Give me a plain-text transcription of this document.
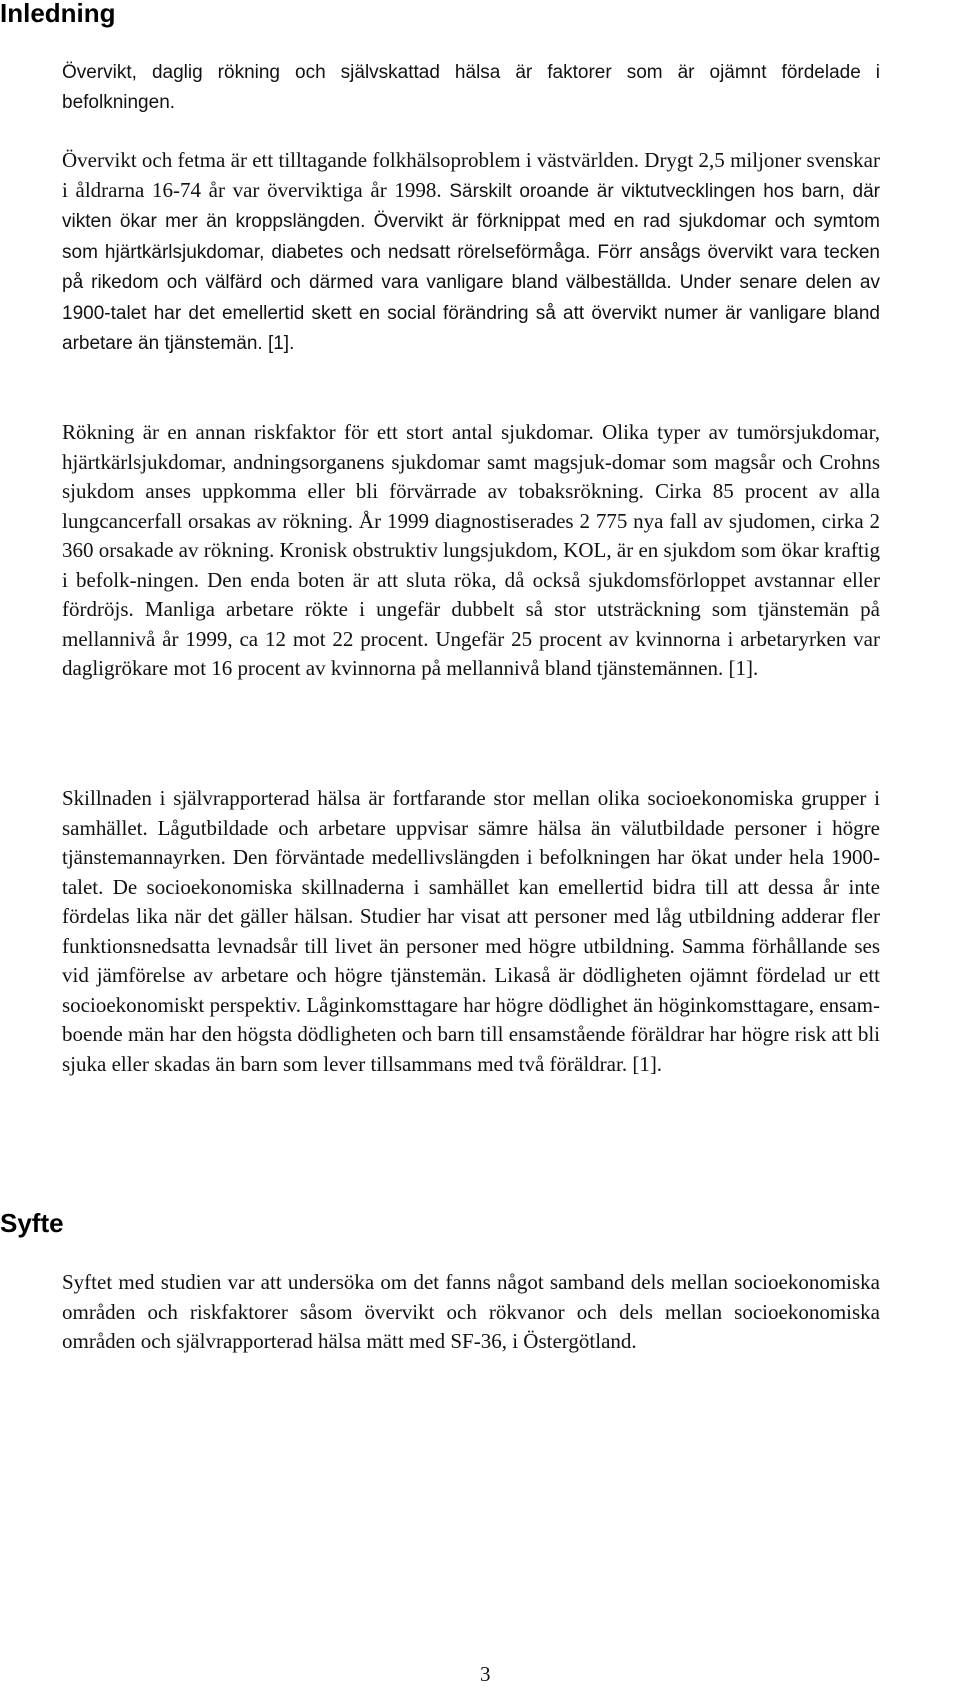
Inledning

Övervikt, daglig rökning och självskattad hälsa är faktorer som är ojämnt fördelade i befolkningen.

Övervikt och fetma är ett tilltagande folkhälsoproblem i västvärlden. Drygt 2,5 miljoner svenskar i åldrarna 16-74 år var överviktiga år 1998. Särskilt oroande är viktutvecklingen hos barn, där vikten ökar mer än kroppslängden. Övervikt är förknippat med en rad sjukdomar och symtom som hjärtkärlsjukdomar, diabetes och nedsatt rörelseförmåga. Förr ansågs övervikt vara tecken på rikedom och välfärd och därmed vara vanligare bland välbeställda. Under senare delen av 1900-talet har det emellertid skett en social förändring så att övervikt numer är vanligare bland arbetare än tjänstemän. [1].

Rökning är en annan riskfaktor för ett stort antal sjukdomar. Olika typer av tumörsjukdomar, hjärtkärlsjukdomar, andningsorganens sjukdomar samt magsjuk-domar som magsår och Crohns sjukdom anses uppkomma eller bli förvärrade av tobaksrökning. Cirka 85 procent av alla lungcancerfall orsakas av rökning. År 1999 diagnostiserades 2 775 nya fall av sjudomen, cirka 2 360 orsakade av rökning. Kronisk obstruktiv lungsjukdom, KOL, är en sjukdom som ökar kraftig i befolk-ningen. Den enda boten är att sluta röka, då också sjukdomsförloppet avstannar eller fördröjs. Manliga arbetare rökte i ungefär dubbelt så stor utsträckning som tjänstemän på mellannivå år 1999, ca 12 mot 22 procent. Ungefär 25 procent av kvinnorna i arbetaryrken var dagligrökare mot 16 procent av kvinnorna på mellannivå bland tjänstemännen. [1].

Skillnaden i självrapporterad hälsa är fortfarande stor mellan olika socioekonomiska grupper i samhället. Lågutbildade och arbetare uppvisar sämre hälsa än välutbildade personer i högre tjänstemannayrken. Den förväntade medellivslängden i befolkningen har ökat under hela 1900-talet. De socioekonomiska skillnaderna i samhället kan emellertid bidra till att dessa år inte fördelas lika när det gäller hälsan. Studier har visat att personer med låg utbildning adderar fler funktionsnedsatta levnadsår till livet än personer med högre utbildning. Samma förhållande ses vid jämförelse av arbetare och högre tjänstemän. Likaså är dödligheten ojämnt fördelad ur ett socioekonomiskt perspektiv. Låginkomsttagare har högre dödlighet än höginkomsttagare, ensam-boende män har den högsta dödligheten och barn till ensamstående föräldrar har högre risk att bli sjuka eller skadas än barn som lever tillsammans med två föräldrar. [1].

Syfte

Syftet med studien var att undersöka om det fanns något samband dels mellan socioekonomiska områden och riskfaktorer såsom övervikt och rökvanor och dels mellan socioekonomiska områden och självrapporterad hälsa mätt med SF-36, i Östergötland.

3
